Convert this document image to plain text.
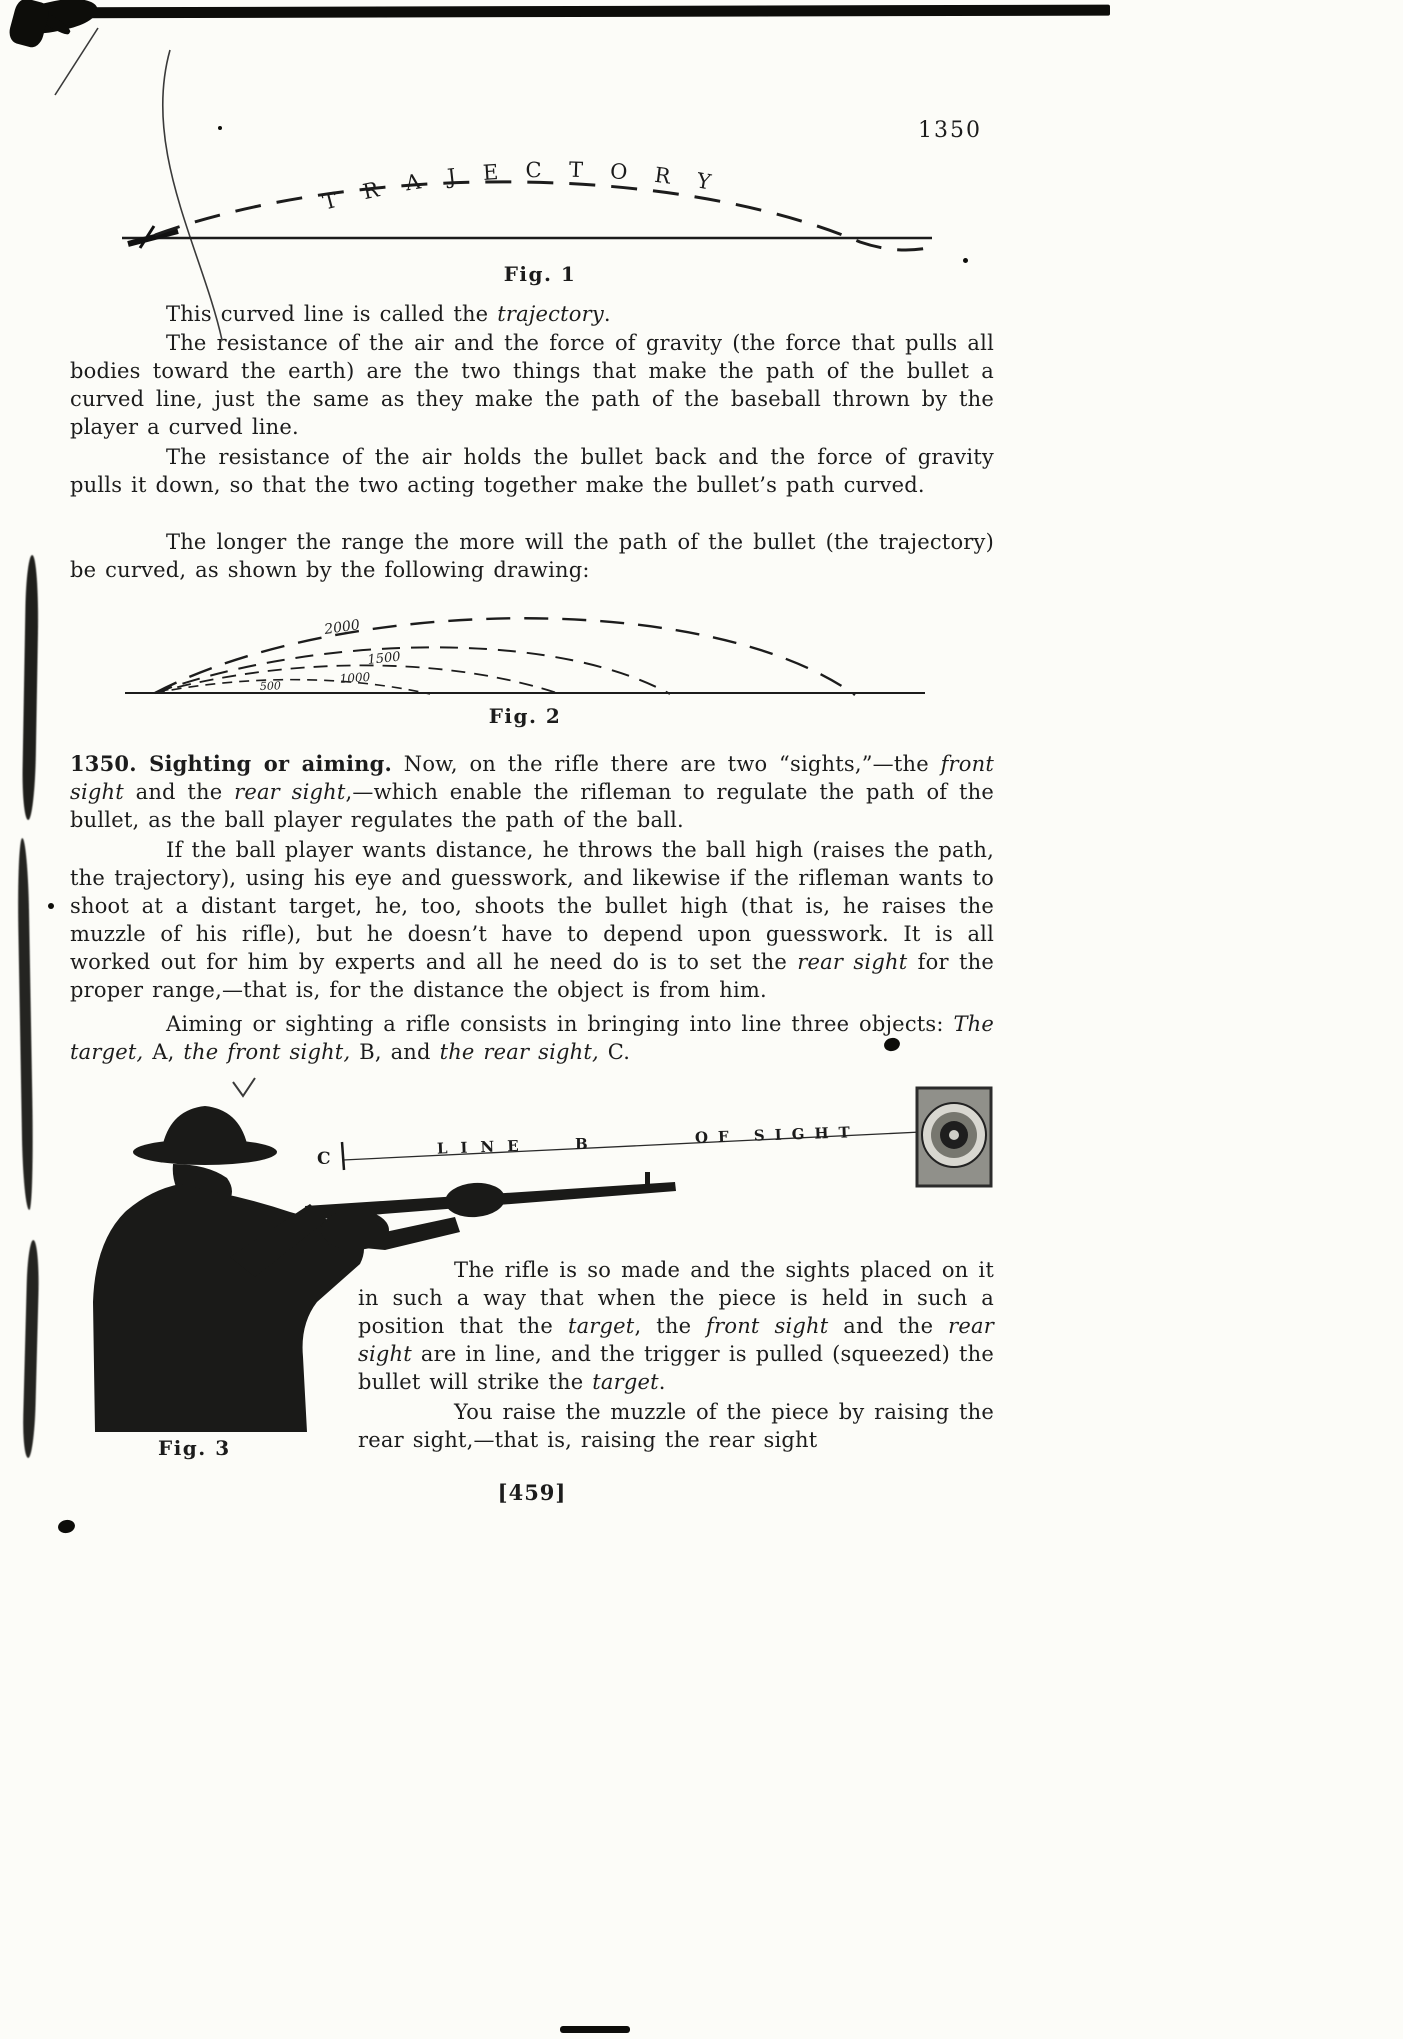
1350
TRAJECTORY
Fig. 1
This curved line is called the trajectory.
The resistance of the air and the force of gravity (the force that pulls all bodies toward the earth) are the two things that make the path of the bullet a curved line, just the same as they make the path of the baseball thrown by the player a curved line.
The resistance of the air holds the bullet back and the force of gravity pulls it down, so that the two acting together make the bullet’s path curved.
The longer the range the more will the path of the bullet (the trajectory) be curved, as shown by the following drawing:
2000
1500
1000
500
Fig. 2
1350. Sighting or aiming. Now, on the rifle there are two “sights,”—the front sight and the rear sight,—which enable the rifleman to regulate the path of the bullet, as the ball player regulates the path of the ball.
If the ball player wants distance, he throws the ball high (raises the path, the trajectory), using his eye and guesswork, and likewise if the rifleman wants to shoot at a distant target, he, too, shoots the bullet high (that is, he raises the muzzle of his rifle), but he doesn’t have to depend upon guesswork. It is all worked out for him by experts and all he need do is to set the rear sight for the proper range,—that is, for the distance the object is from him.
Aiming or sighting a rifle consists in bringing into line three objects: The target, A, the front sight, B, and the rear sight, C.
C
LINE	B	OF SIGHT
The rifle is so made and the sights placed on it in such a way that when the piece is held in such a position that the target, the front sight and the rear sight are in line, and the trigger is pulled (squeezed) the bullet will strike the target.
You raise the muzzle of the piece by raising the rear sight,—that is, raising the rear sight
Fig. 3
[459]
